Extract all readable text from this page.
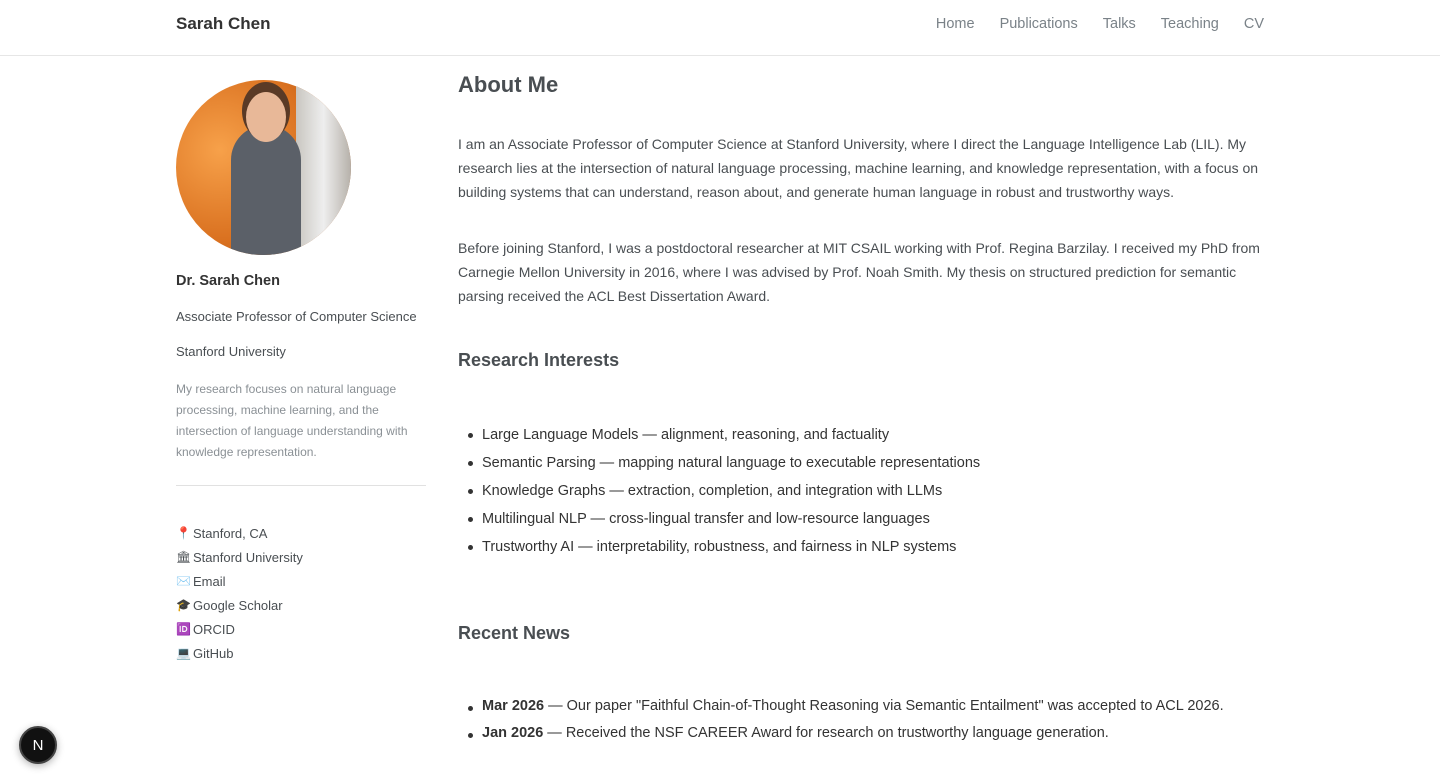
Sarah Chen	Home Publications Talks Teaching CV
Dr. Sarah Chen
Associate Professor of Computer Science
Stanford University
My research focuses on natural language processing, machine learning, and the intersection of language understanding with knowledge representation.
📍 Stanford, CA
🏛 Stanford University
✉️ Email
🎓 Google Scholar
🆔 ORCID
💻 GitHub
About Me

I am an Associate Professor of Computer Science at Stanford University, where I direct the Language Intelligence Lab (LIL). My research lies at the intersection of natural language processing, machine learning, and knowledge representation, with a focus on building systems that can understand, reason about, and generate human language in robust and trustworthy ways.

Before joining Stanford, I was a postdoctoral researcher at MIT CSAIL working with Prof. Regina Barzilay. I received my PhD from Carnegie Mellon University in 2016, where I was advised by Prof. Noah Smith. My thesis on structured prediction for semantic parsing received the ACL Best Dissertation Award.

Research Interests
Large Language Models — alignment, reasoning, and factuality
Semantic Parsing — mapping natural language to executable representations
Knowledge Graphs — extraction, completion, and integration with LLMs
Multilingual NLP — cross-lingual transfer and low-resource languages
Trustworthy AI — interpretability, robustness, and fairness in NLP systems
Recent News
Mar 2026 — Our paper "Faithful Chain-of-Thought Reasoning via Semantic Entailment" was accepted to ACL 2026.
Jan 2026 — Received the NSF CAREER Award for research on trustworthy language generation.
N
